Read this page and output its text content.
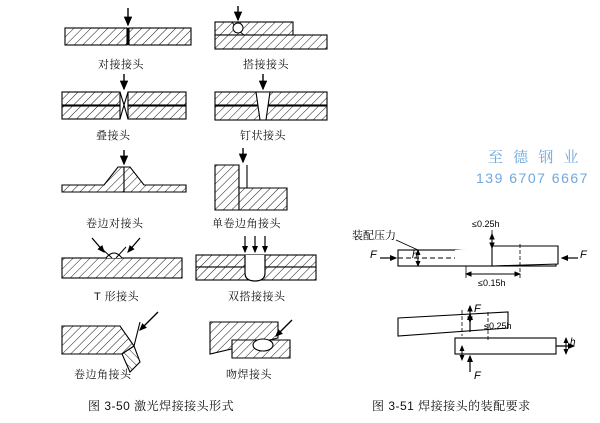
对接接头	搭接接头
叠接头	钉状接头
卷边对接头	单卷边角接头
T 形接头	双搭接接头
卷边角接头	吻焊接头
图 3-50 激光焊接接头形式
装配压力
≤0.25h
≤0.15h
≤0.25h
F	F
F
F
h
h
图 3-51 焊接接头的装配要求
至 德 钢 业
139 6707 6667
